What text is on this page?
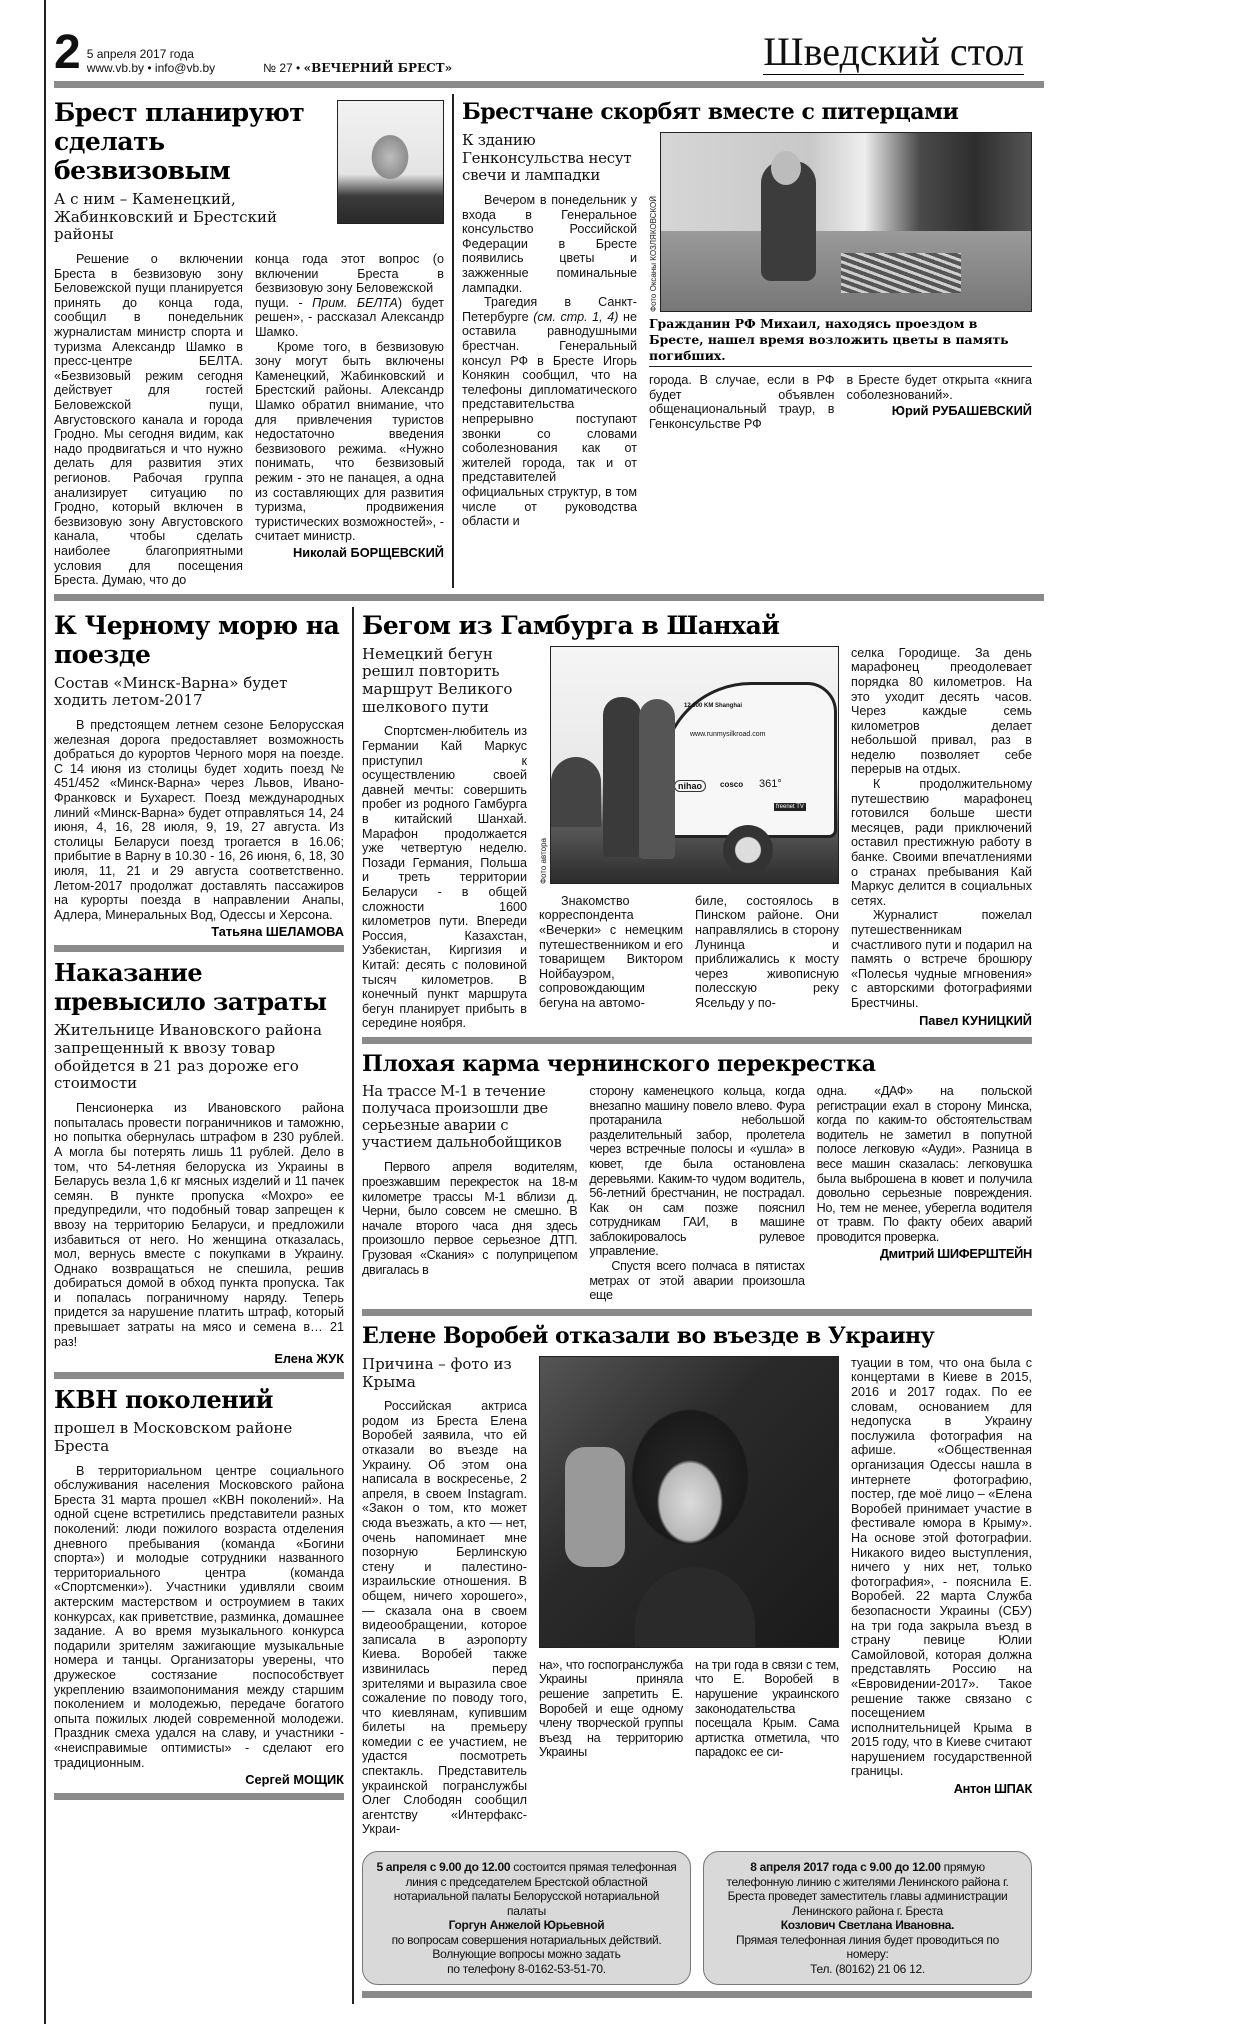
2 5 апреля 2017 года
www.vb.by • info@vb.by	№ 27 • «ВЕЧЕРНИЙ БРЕСТ»	Шведский стол
Брест планируют сделать безвизовым
А с ним – Каменецкий, Жабинковский и Брестский районы

Решение о включении Бреста в безвизовую зону Беловежской пущи планируется принять до конца года, сообщил в понедельник журналистам министр спорта и туризма Александр Шамко в пресс-центре БЕЛТА. «Безвизовый режим сегодня действует для гостей Беловежской пущи, Августовского канала и города Гродно. Мы сегодня видим, как надо продвигаться и что нужно делать для развития этих регионов. Рабочая группа анализирует ситуацию по Гродно, который включен в безвизовую зону Августовского канала, чтобы сделать наиболее благоприятными условия для посещения Бреста. Думаю, что до

конца года этот вопрос (о включении Бреста в безвизовую зону Беловежской

пущи. - Прим. БЕЛТА) будет решен», - рассказал Александр Шамко.

Кроме того, в безвизовую зону могут быть включены Каменецкий, Жабинковский и Брестский районы. Александр Шамко обратил внимание, что для привлечения туристов недостаточно введения безвизового режима. «Нужно понимать, что безвизовый режим - это не панацея, а одна из составляющих для развития туризма, продвижения туристических возможностей», - считает министр.

Николай БОРЩЕВСКИЙ
Брестчане скорбят вместе с питерцами
К зданию Генконсульства несут свечи и лампадки

Вечером в понедельник у входа в Генеральное консульство Российской Федерации в Бресте появились цветы и зажженные поминальные лампадки.

Трагедия в Санкт-Петербурге (см. стр. 1, 4) не оставила равнодушными брестчан. Генеральный консул РФ в Бресте Игорь Конякин сообщил, что на телефоны дипломатического представительства непрерывно поступают звонки со словами соболезнования как от жителей города, так и от представителей официальных структур, в том числе от руководства области и

Фото Оксаны КОЗЛЯКОВСКОЙ
Гражданин РФ Михаил, находясь проездом в Бресте, нашел время возложить цветы в память погибших.

города. В случае, если в РФ будет объявлен общенациональный траур, в Генконсульстве РФ

в Бресте будет открыта «книга соболезнований».

Юрий РУБАШЕВСКИЙ
К Черному морю на поезде
Состав «Минск-Варна» будет ходить летом-2017

В предстоящем летнем сезоне Белорусская железная дорога предоставляет возможность добраться до курортов Черного моря на поезде. С 14 июня из столицы будет ходить поезд № 451/452 «Минск-Варна» через Львов, Ивано-Франковск и Бухарест. Поезд международных линий «Минск-Варна» будет отправляться 14, 24 июня, 4, 16, 28 июля, 9, 19, 27 августа. Из столицы Беларуси поезд трогается в 16.06; прибытие в Варну в 10.30 - 16, 26 июня, 6, 18, 30 июля, 11, 21 и 29 августа соответственно. Летом-2017 продолжат доставлять пассажиров на курорты поезда в направлении Анапы, Адлера, Минеральных Вод, Одессы и Херсона.

Татьяна ШЕЛАМОВА
Наказание превысило затраты
Жительнице Ивановского района запрещенный к ввозу товар обойдется в 21 раз дороже его стоимости

Пенсионерка из Ивановского района попыталась провести пограничников и таможню, но попытка обернулась штрафом в 230 рублей. А могла бы потерять лишь 11 рублей. Дело в том, что 54-летняя белоруска из Украины в Беларусь везла 1,6 кг мясных изделий и 11 пачек семян. В пункте пропуска «Мохро» ее предупредили, что подобный товар запрещен к ввозу на территорию Беларуси, и предложили избавиться от него. Но женщина отказалась, мол, вернусь вместе с покупками в Украину. Однако возвращаться не спешила, решив добираться домой в обход пункта пропуска. Так и попалась пограничному наряду. Теперь придется за нарушение платить штраф, который превышает затраты на мясо и семена в… 21 раз!

Елена ЖУК
КВН поколений
прошел в Московском районе Бреста

В территориальном центре социального обслуживания населения Московского района Бреста 31 марта прошел «КВН поколений». На одной сцене встретились представители разных поколений: люди пожилого возраста отделения дневного пребывания (команда «Богини спорта») и молодые сотрудники названного территориального центра (команда «Спортсменки»). Участники удивляли своим актерским мастерством и остроумием в таких конкурсах, как приветствие, разминка, домашнее задание. А во время музыкального конкурса подарили зрителям зажигающие музыкальные номера и танцы. Организаторы уверены, что дружеское состязание поспособствует укреплению взаимопонимания между старшим поколением и молодежью, передаче богатого опыта пожилых людей современной молодежи. Праздник смеха удался на славу, и участники - «неисправимые оптимисты» - сделают его традиционным.

Сергей МОЩИК
Бегом из Гамбурга в Шанхай
Немецкий бегун решил повторить маршрут Великого шелкового пути

Спортсмен-любитель из Германии Кай Маркус приступил к осуществлению своей давней мечты: совершить пробег из родного Гамбурга в китайский Шанхай. Марафон продолжается уже четвертую неделю. Позади Германия, Польша и треть территории Беларуси - в общей сложности 1600 километров пути. Впереди Россия, Казахстан, Узбекистан, Киргизия и Китай: десять с половиной тысяч километров. В конечный пункт маршрута бегун планирует прибыть в середине ноября.

Фото автора
12.000 KM Shanghai
www.runmysilkroad.com
nihao	cosco 361°
freenet TV

Знакомство корреспондента «Вечерки» с немецким путешественником и его товарищем Виктором Нойбауэром, сопровождающим бегуна на автомо-

биле, состоялось в Пинском районе. Они направлялись в сторону Лунинца и приближались к мосту через живописную полесскую реку Ясельду у по-

селка Городище. За день марафонец преодолевает порядка 80 километров. На это уходит десять часов. Через каждые семь километров делает небольшой привал, раз в неделю позволяет себе перерыв на отдых.

К продолжительному путешествию марафонец готовился больше шести месяцев, ради приключений оставил престижную работу в банке. Своими впечатлениями о странах пребывания Кай Маркус делится в социальных сетях.

Журналист пожелал путешественникам счастливого пути и подарил на память о встрече брошюру «Полесья чудные мгновения» с авторскими фотографиями Брестчины.

Павел КУНИЦКИЙ
Плохая карма чернинского перекрестка
На трассе М-1 в течение получаса произошли две серьезные аварии с участием дальнобойщиков

Первого апреля водителям, проезжавшим перекресток на 18-м километре трассы М-1 вблизи д. Черни, было совсем не смешно. В начале второго часа дня здесь произошло первое серьезное ДТП. Грузовая «Скания» с полуприцепом двигалась в

сторону каменецкого кольца, когда внезапно машину повело влево. Фура протаранила небольшой разделительный забор, пролетела через встречные полосы и «ушла» в кювет, где была остановлена деревьями. Каким-то чудом водитель, 56-летний брестчанин, не пострадал. Как он сам позже пояснил сотрудникам ГАИ, в машине заблокировалось рулевое управление.

Спустя всего полчаса в пятистах метрах от этой аварии произошла еще

одна. «ДАФ» на польской регистрации ехал в сторону Минска, когда по каким-то обстоятельствам водитель не заметил в попутной полосе легковую «Ауди». Разница в весе машин сказалась: легковушка была выброшена в кювет и получила довольно серьезные повреждения. Но, тем не менее, уберегла водителя от травм. По факту обеих аварий проводится проверка.

Дмитрий ШИФЕРШТЕЙН
Елене Воробей отказали во въезде в Украину
Причина – фото из Крыма

Российская актриса родом из Бреста Елена Воробей заявила, что ей отказали во въезде на Украину. Об этом она написала в воскресенье, 2 апреля, в своем Instagram. «Закон о том, кто может сюда въезжать, а кто — нет, очень напоминает мне позорную Берлинскую стену и палестино-израильские отношения. В общем, ничего хорошего», — сказала она в своем видеообращении, которое записала в аэропорту Киева. Воробей также извинилась перед зрителями и выразила свое сожаление по поводу того, что киевлянам, купившим билеты на премьеру комедии с ее участием, не удастся посмотреть спектакль. Представитель украинской погранслужбы Олег Слободян сообщил агентству «Интерфакс-Украи-

на», что госпогранслужба Украины приняла решение запретить Е. Воробей и еще одному члену творческой группы въезд на территорию Украины

на три года в связи с тем, что Е. Воробей в нарушение украинского законодательства посещала Крым. Сама артистка отметила, что парадокс ее си-

туации в том, что она была с концертами в Киеве в 2015, 2016 и 2017 годах. По ее словам, основанием для недопуска в Украину послужила фотография на афише. «Общественная организация Одессы нашла в интернете фотографию, постер, где моё лицо – «Елена Воробей принимает участие в фестивале юмора в Крыму». На основе этой фотографии. Никакого видео выступления, ничего у них нет, только фотография», - пояснила Е. Воробей. 22 марта Служба безопасности Украины (СБУ) на три года закрыла въезд в страну певице Юлии Самойловой, которая должна представлять Россию на «Евровидении-2017». Такое решение также связано с посещением исполнительницей Крыма в 2015 году, что в Киеве считают нарушением государственной границы.

Антон ШПАК
5 апреля с 9.00 до 12.00 состоится прямая телефонная линия с председателем Брестской областной нотариальной палаты Белорусской нотариальной палаты
Горгун Анжелой Юрьевной
по вопросам совершения нотариальных действий.
Волнующие вопросы можно задать
по телефону 8-0162-53-51-70.
8 апреля 2017 года с 9.00 до 12.00 прямую телефонную линию с жителями Ленинского района г. Бреста проведет заместитель главы администрации Ленинского района г. Бреста
Козлович Светлана Ивановна.
Прямая телефонная линия будет проводиться по номеру:
Тел. (80162) 21 06 12.
